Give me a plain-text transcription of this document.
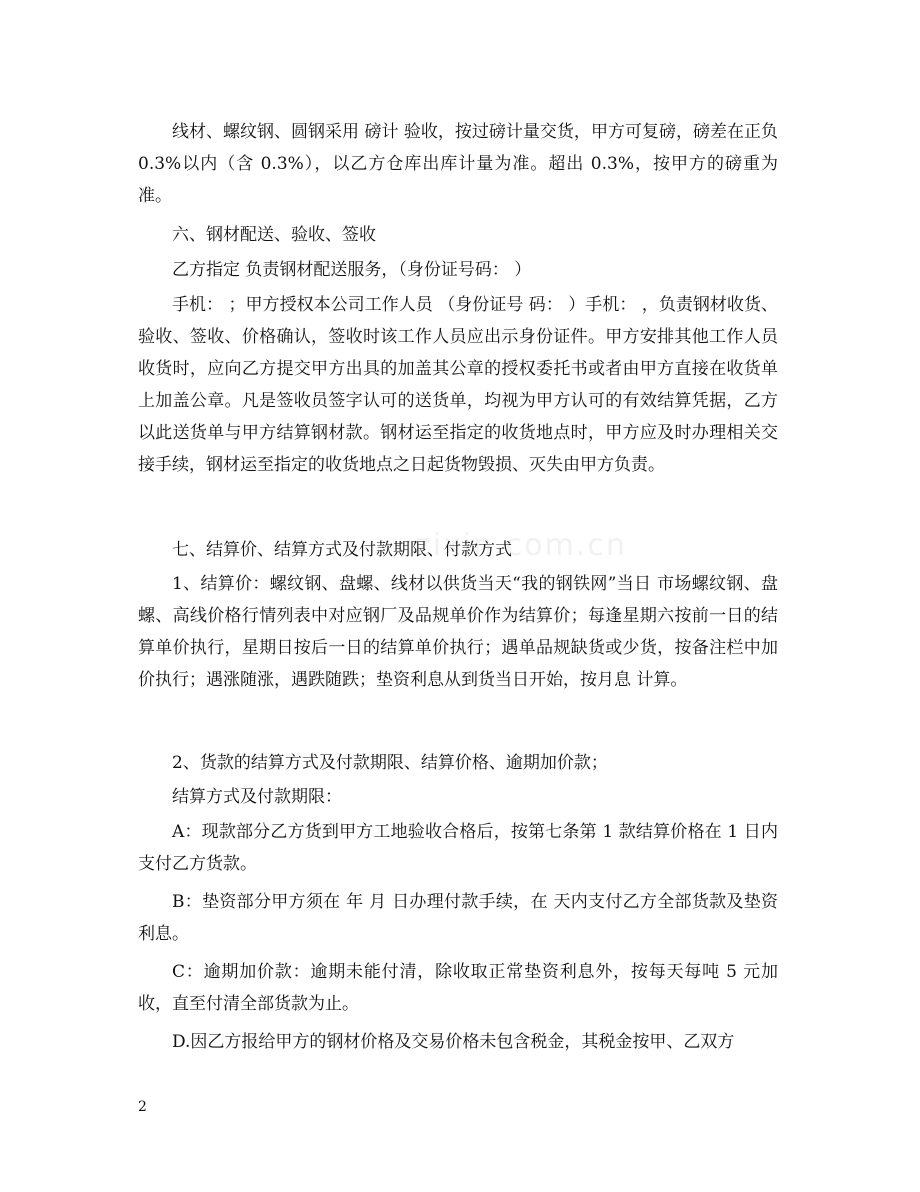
线材、螺纹钢、圆钢采用 磅计 验收，按过磅计量交货，甲方可复磅，磅差在正负 0.3%以内（含 0.3%），以乙方仓库出库计量为准。超出 0.3%，按甲方的磅重为准。

六、钢材配送、验收、签收

乙方指定 负责钢材配送服务，（身份证号码： ）

手机： ；甲方授权本公司工作人员 （身份证号 码： ）手机： ，负责钢材收货、验收、签收、价格确认，签收时该工作人员应出示身份证件。甲方安排其他工作人员收货时，应向乙方提交甲方出具的加盖其公章的授权委托书或者由甲方直接在收货单上加盖公章。凡是签收员签字认可的送货单，均视为甲方认可的有效结算凭据，乙方以此送货单与甲方结算钢材款。钢材运至指定的收货地点时，甲方应及时办理相关交接手续，钢材运至指定的收货地点之日起货物毁损、灭失由甲方负责。

七、结算价、结算方式及付款期限、付款方式

1、结算价：螺纹钢、盘螺、线材以供货当天“我的钢铁网”当日 市场螺纹钢、盘螺、高线价格行情列表中对应钢厂及品规单价作为结算价；每逢星期六按前一日的结算单价执行，星期日按后一日的结算单价执行；遇单品规缺货或少货，按备注栏中加价执行；遇涨随涨，遇跌随跌；垫资利息从到货当日开始，按月息 计算。

2、货款的结算方式及付款期限、结算价格、逾期加价款；

结算方式及付款期限：

A：现款部分乙方货到甲方工地验收合格后，按第七条第 1 款结算价格在 1 日内支付乙方货款。

B：垫资部分甲方须在 年 月 日办理付款手续，在 天内支付乙方全部货款及垫资利息。

C：逾期加价款：逾期未能付清，除收取正常垫资利息外，按每天每吨 5 元加收，直至付清全部货款为止。

D.因乙方报给甲方的钢材价格及交易价格未包含税金，其税金按甲、乙双方

zixin.com.cn
2
